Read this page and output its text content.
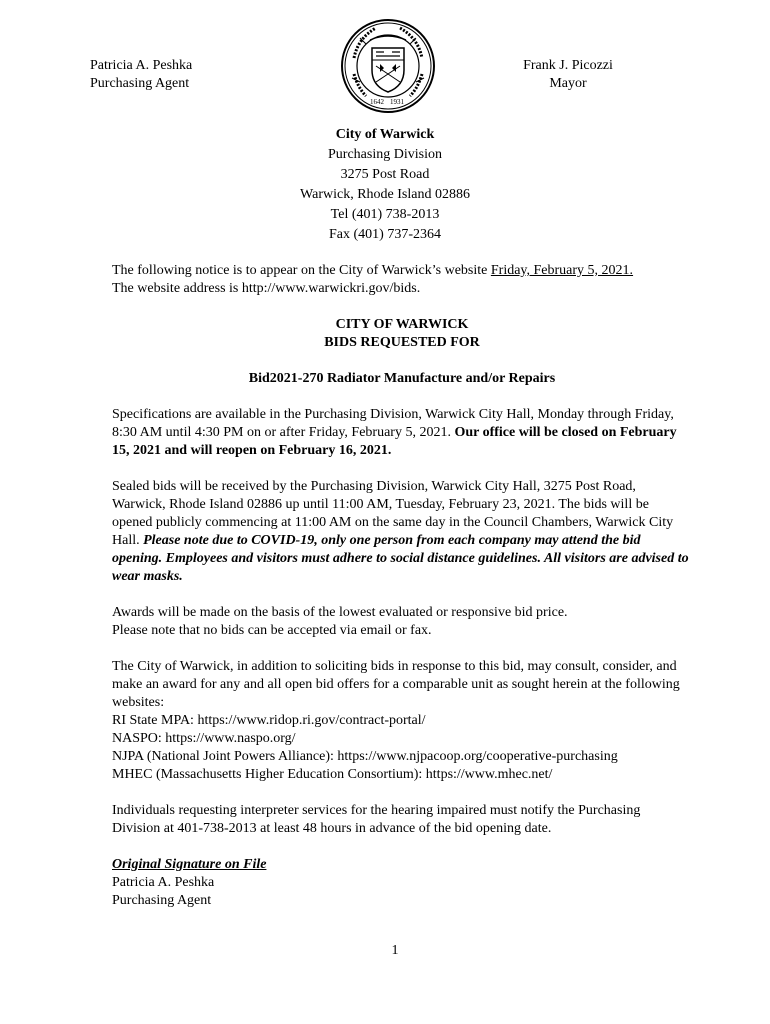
Patricia A. Peshka
Purchasing Agent
1642 1931
Frank J. Picozzi
Mayor
City of Warwick
Purchasing Division
3275 Post Road
Warwick, Rhode Island 02886
Tel (401) 738-2013
Fax (401) 737-2364

The following notice is to appear on the City of Warwick’s website Friday, February 5, 2021.

The website address is http://www.warwickri.gov/bids.

CITY OF WARWICK

BIDS REQUESTED FOR

Bid2021-270 Radiator Manufacture and/or Repairs

Specifications are available in the Purchasing Division, Warwick City Hall, Monday through Friday, 8:30 AM until 4:30 PM on or after Friday, February 5, 2021. Our office will be closed on February 15, 2021 and will reopen on February 16, 2021.

Sealed bids will be received by the Purchasing Division, Warwick City Hall, 3275 Post Road, Warwick, Rhode Island 02886 up until 11:00 AM, Tuesday, February 23, 2021. The bids will be opened publicly commencing at 11:00 AM on the same day in the Council Chambers, Warwick City Hall. Please note due to COVID-19, only one person from each company may attend the bid opening. Employees and visitors must adhere to social distance guidelines. All visitors are advised to wear masks.

Awards will be made on the basis of the lowest evaluated or responsive bid price.

Please note that no bids can be accepted via email or fax.

The City of Warwick, in addition to soliciting bids in response to this bid, may consult, consider, and make an award for any and all open bid offers for a comparable unit as sought herein at the following websites:

RI State MPA: https://www.ridop.ri.gov/contract-portal/

NASPO: https://www.naspo.org/

NJPA (National Joint Powers Alliance): https://www.njpacoop.org/cooperative-purchasing

MHEC (Massachusetts Higher Education Consortium): https://www.mhec.net/

Individuals requesting interpreter services for the hearing impaired must notify the Purchasing Division at 401-738-2013 at least 48 hours in advance of the bid opening date.

Original Signature on File

Patricia A. Peshka

Purchasing Agent

1
